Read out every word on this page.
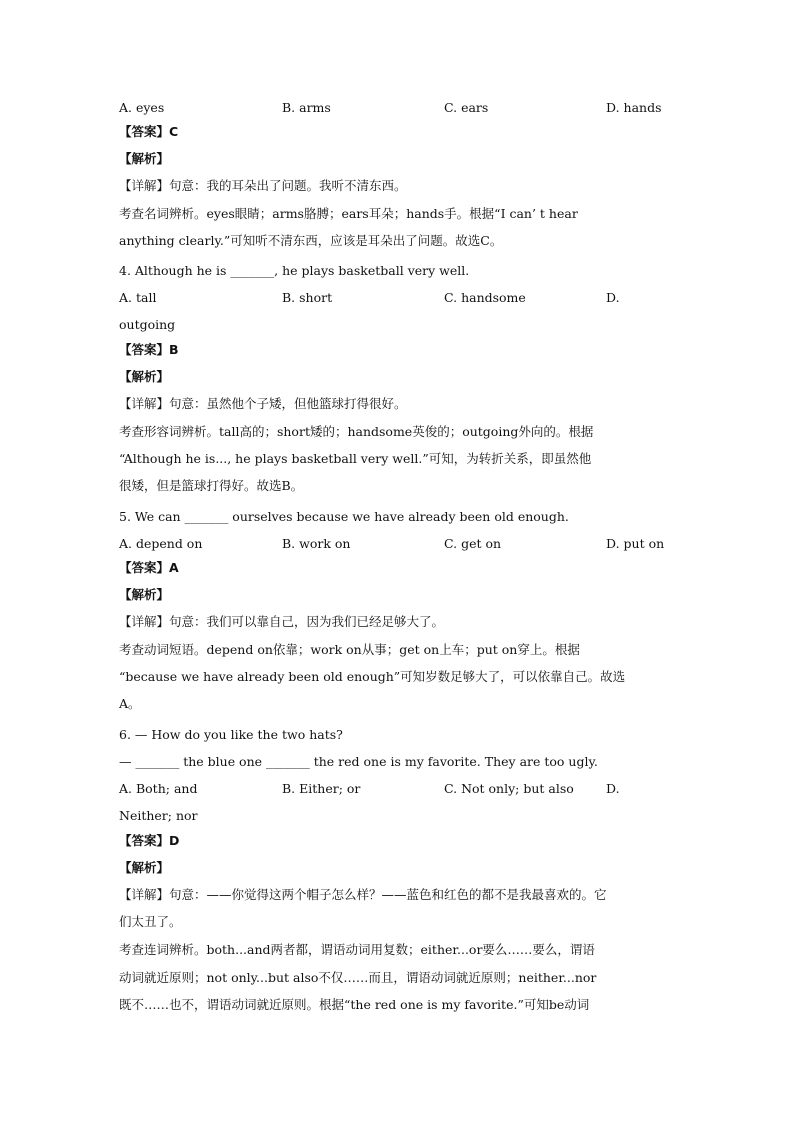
A. eyes	B. arms	C. ears	D. hands
【答案】C
【解析】
【详解】句意：我的耳朵出了问题。我听不清东西。
考查名词辨析。eyes眼睛；arms胳膊；ears耳朵；hands手。根据“I can’ t hear
anything clearly.”可知听不清东西，应该是耳朵出了问题。故选C。
4. Although he is _______, he plays basketball very well.
A. tall	B. short	C. handsome	D.
outgoing
【答案】B
【解析】
【详解】句意：虽然他个子矮，但他篮球打得很好。
考查形容词辨析。tall高的；short矮的；handsome英俊的；outgoing外向的。根据
“Although he is..., he plays basketball very well.”可知，为转折关系，即虽然他
很矮，但是篮球打得好。故选B。
5. We can _______ ourselves because we have already been old enough.
A. depend on	B. work on	C. get on	D. put on
【答案】A
【解析】
【详解】句意：我们可以靠自己，因为我们已经足够大了。
考查动词短语。depend on依靠；work on从事；get on上车；put on穿上。根据
“because we have already been old enough”可知岁数足够大了，可以依靠自己。故选
A。
6. — How do you like the two hats?
— _______ the blue one _______ the red one is my favorite. They are too ugly.
A. Both; and	B. Either; or	C. Not only; but also	D.
Neither; nor
【答案】D
【解析】
【详解】句意：——你觉得这两个帽子怎么样？——蓝色和红色的都不是我最喜欢的。它
们太丑了。
考查连词辨析。both...and两者都，谓语动词用复数；either...or要么……要么，谓语
动词就近原则；not only...but also不仅……而且，谓语动词就近原则；neither...nor
既不……也不，谓语动词就近原则。根据“the red one is my favorite.”可知be动词
